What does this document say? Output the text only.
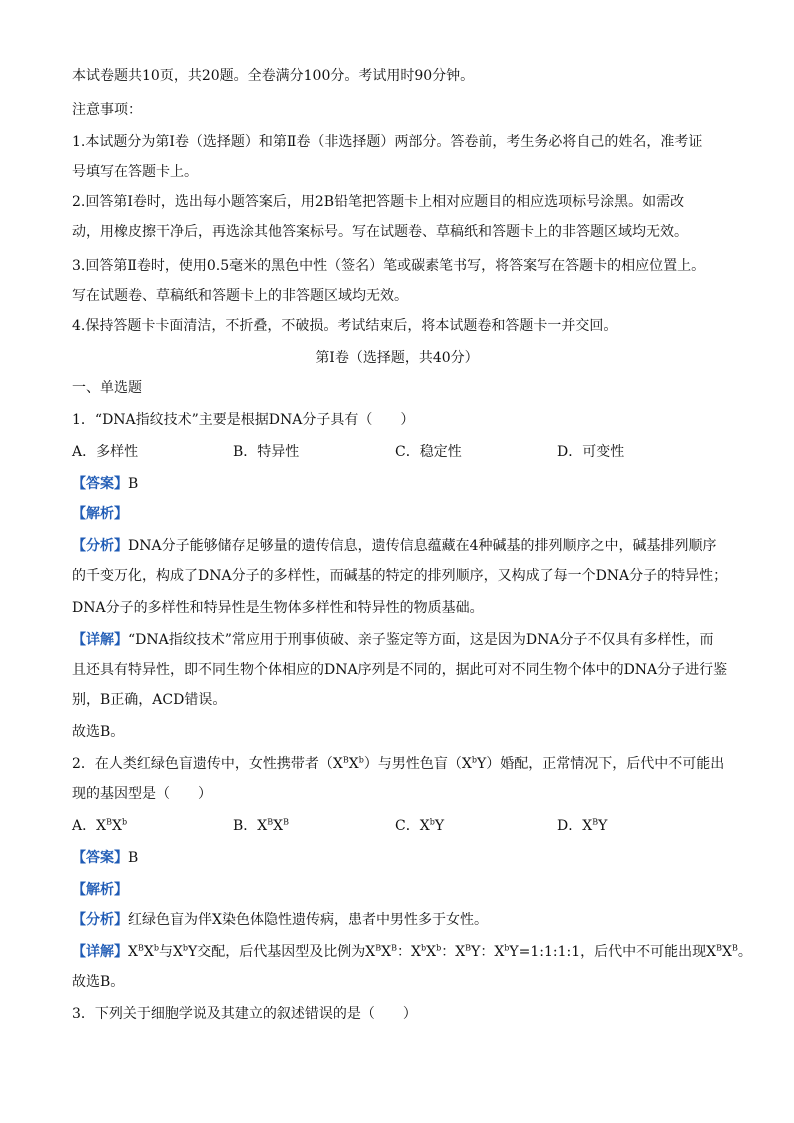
本试卷题共10页，共20题。全卷满分100分。考试用时90分钟。
注意事项：
1.本试题分为第Ⅰ卷（选择题）和第Ⅱ卷（非选择题）两部分。答卷前，考生务必将自己的姓名，准考证
号填写在答题卡上。
2.回答第Ⅰ卷时，选出每小题答案后，用2B铅笔把答题卡上相对应题目的相应选项标号涂黑。如需改
动，用橡皮擦干净后，再选涂其他答案标号。写在试题卷、草稿纸和答题卡上的非答题区域均无效。
3.回答第Ⅱ卷时，使用0.5毫米的黑色中性（签名）笔或碳素笔书写，将答案写在答题卡的相应位置上。
写在试题卷、草稿纸和答题卡上的非答题区域均无效。
4.保持答题卡卡面清洁，不折叠，不破损。考试结束后，将本试题卷和答题卡一并交回。
第Ⅰ卷（选择题，共40分）
一、单选题
1．“DNA指纹技术”主要是根据DNA分子具有（　　）
A．多样性	B．特异性	C．稳定性	D．可变性
【答案】B
【解析】
【分析】DNA分子能够储存足够量的遗传信息，遗传信息蕴藏在4种碱基的排列顺序之中，碱基排列顺序
的千变万化，构成了DNA分子的多样性，而碱基的特定的排列顺序，又构成了每一个DNA分子的特异性；
DNA分子的多样性和特异性是生物体多样性和特异性的物质基础。
【详解】“DNA指纹技术”常应用于刑事侦破、亲子鉴定等方面，这是因为DNA分子不仅具有多样性，而
且还具有特异性，即不同生物个体相应的DNA序列是不同的，据此可对不同生物个体中的DNA分子进行鉴
别，B正确，ACD错误。
故选B。
2．在人类红绿色盲遗传中，女性携带者$(X^BX^b)$与男性色盲$(X^bY)$婚配，正常情况下，后代中不可能出
现的基因型是（　　）
A．$X^BX^b$	B．$X^BX^B$	C．$X^bY$	D．$X^BY$
【答案】B
【解析】
【分析】红绿色盲为伴X染色体隐性遗传病，患者中男性多于女性。
【详解】$X^BX^b$与$X^bY$交配，后代基因型及比例为$X^BX^B$：$X^bX^b$：$X^BY$：$X^bY=1:1:1:1$，后代中不可能出现$X^BX^B$。
故选B。
3．下列关于细胞学说及其建立的叙述错误的是（　　）
